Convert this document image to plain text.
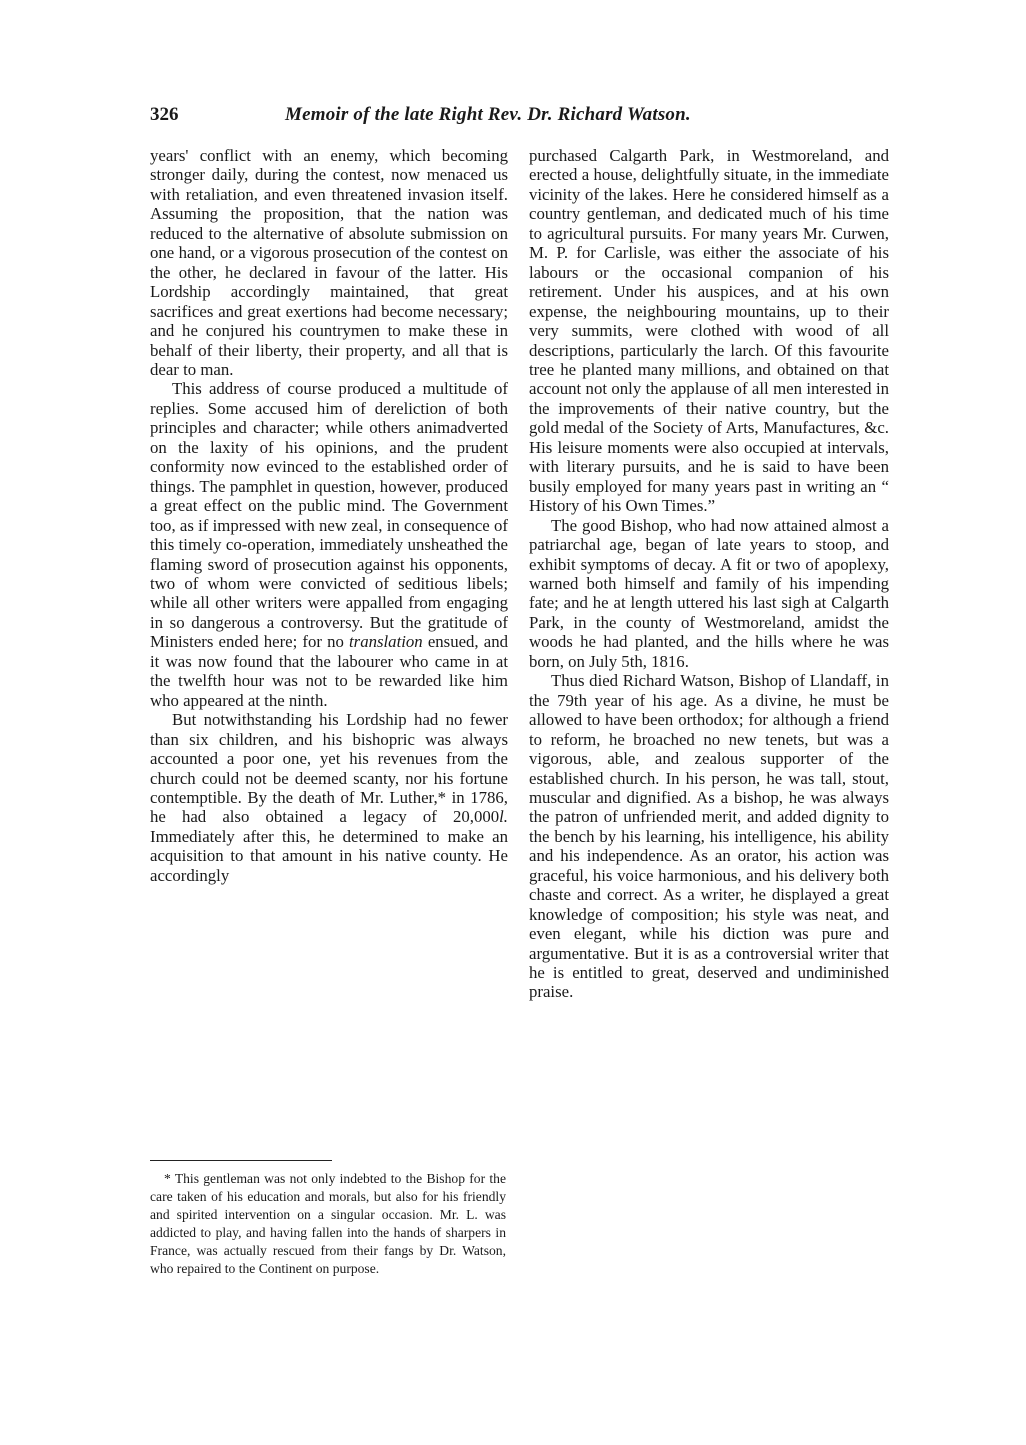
326	Memoir of the late Right Rev. Dr. Richard Watson.

years' conflict with an enemy, which becoming stronger daily, during the contest, now menaced us with retaliation, and even threatened invasion itself. Assuming the proposition, that the nation was reduced to the alternative of absolute submission on one hand, or a vigorous prosecution of the contest on the other, he declared in favour of the latter. His Lordship accordingly maintained, that great sacrifices and great exertions had become necessary; and he conjured his countrymen to make these in behalf of their liberty, their property, and all that is dear to man.

This address of course produced a multitude of replies. Some accused him of dereliction of both principles and character; while others animadverted on the laxity of his opinions, and the prudent conformity now evinced to the established order of things. The pamphlet in question, however, produced a great effect on the public mind. The Government too, as if impressed with new zeal, in consequence of this timely co-operation, immediately unsheathed the flaming sword of prosecution against his opponents, two of whom were convicted of seditious libels; while all other writers were appalled from engaging in so dangerous a controversy. But the gratitude of Ministers ended here; for no translation ensued, and it was now found that the labourer who came in at the twelfth hour was not to be rewarded like him who appeared at the ninth.

But notwithstanding his Lordship had no fewer than six children, and his bishopric was always accounted a poor one, yet his revenues from the church could not be deemed scanty, nor his fortune contemptible. By the death of Mr. Luther,* in 1786, he had also obtained a legacy of 20,000l. Immediately after this, he determined to make an acquisition to that amount in his native county. He accordingly

* This gentleman was not only indebted to the Bishop for the care taken of his education and morals, but also for his friendly and spirited intervention on a singular occasion. Mr. L. was addicted to play, and having fallen into the hands of sharpers in France, was actually rescued from their fangs by Dr. Watson, who repaired to the Continent on purpose.

purchased Calgarth Park, in Westmoreland, and erected a house, delightfully situate, in the immediate vicinity of the lakes. Here he considered himself as a country gentleman, and dedicated much of his time to agricultural pursuits. For many years Mr. Curwen, M. P. for Carlisle, was either the associate of his labours or the occasional companion of his retirement. Under his auspices, and at his own expense, the neighbouring mountains, up to their very summits, were clothed with wood of all descriptions, particularly the larch. Of this favourite tree he planted many millions, and obtained on that account not only the applause of all men interested in the improvements of their native country, but the gold medal of the Society of Arts, Manufactures, &c. His leisure moments were also occupied at intervals, with literary pursuits, and he is said to have been busily employed for many years past in writing an “ History of his Own Times.”

The good Bishop, who had now attained almost a patriarchal age, began of late years to stoop, and exhibit symptoms of decay. A fit or two of apoplexy, warned both himself and family of his impending fate; and he at length uttered his last sigh at Calgarth Park, in the county of Westmoreland, amidst the woods he had planted, and the hills where he was born, on July 5th, 1816.

Thus died Richard Watson, Bishop of Llandaff, in the 79th year of his age. As a divine, he must be allowed to have been orthodox; for although a friend to reform, he broached no new tenets, but was a vigorous, able, and zealous supporter of the established church. In his person, he was tall, stout, muscular and dignified. As a bishop, he was always the patron of unfriended merit, and added dignity to the bench by his learning, his intelligence, his ability and his independence. As an orator, his action was graceful, his voice harmonious, and his delivery both chaste and correct. As a writer, he displayed a great knowledge of composition; his style was neat, and even elegant, while his diction was pure and argumentative. But it is as a controversial writer that he is entitled to great, deserved and undiminished praise.
